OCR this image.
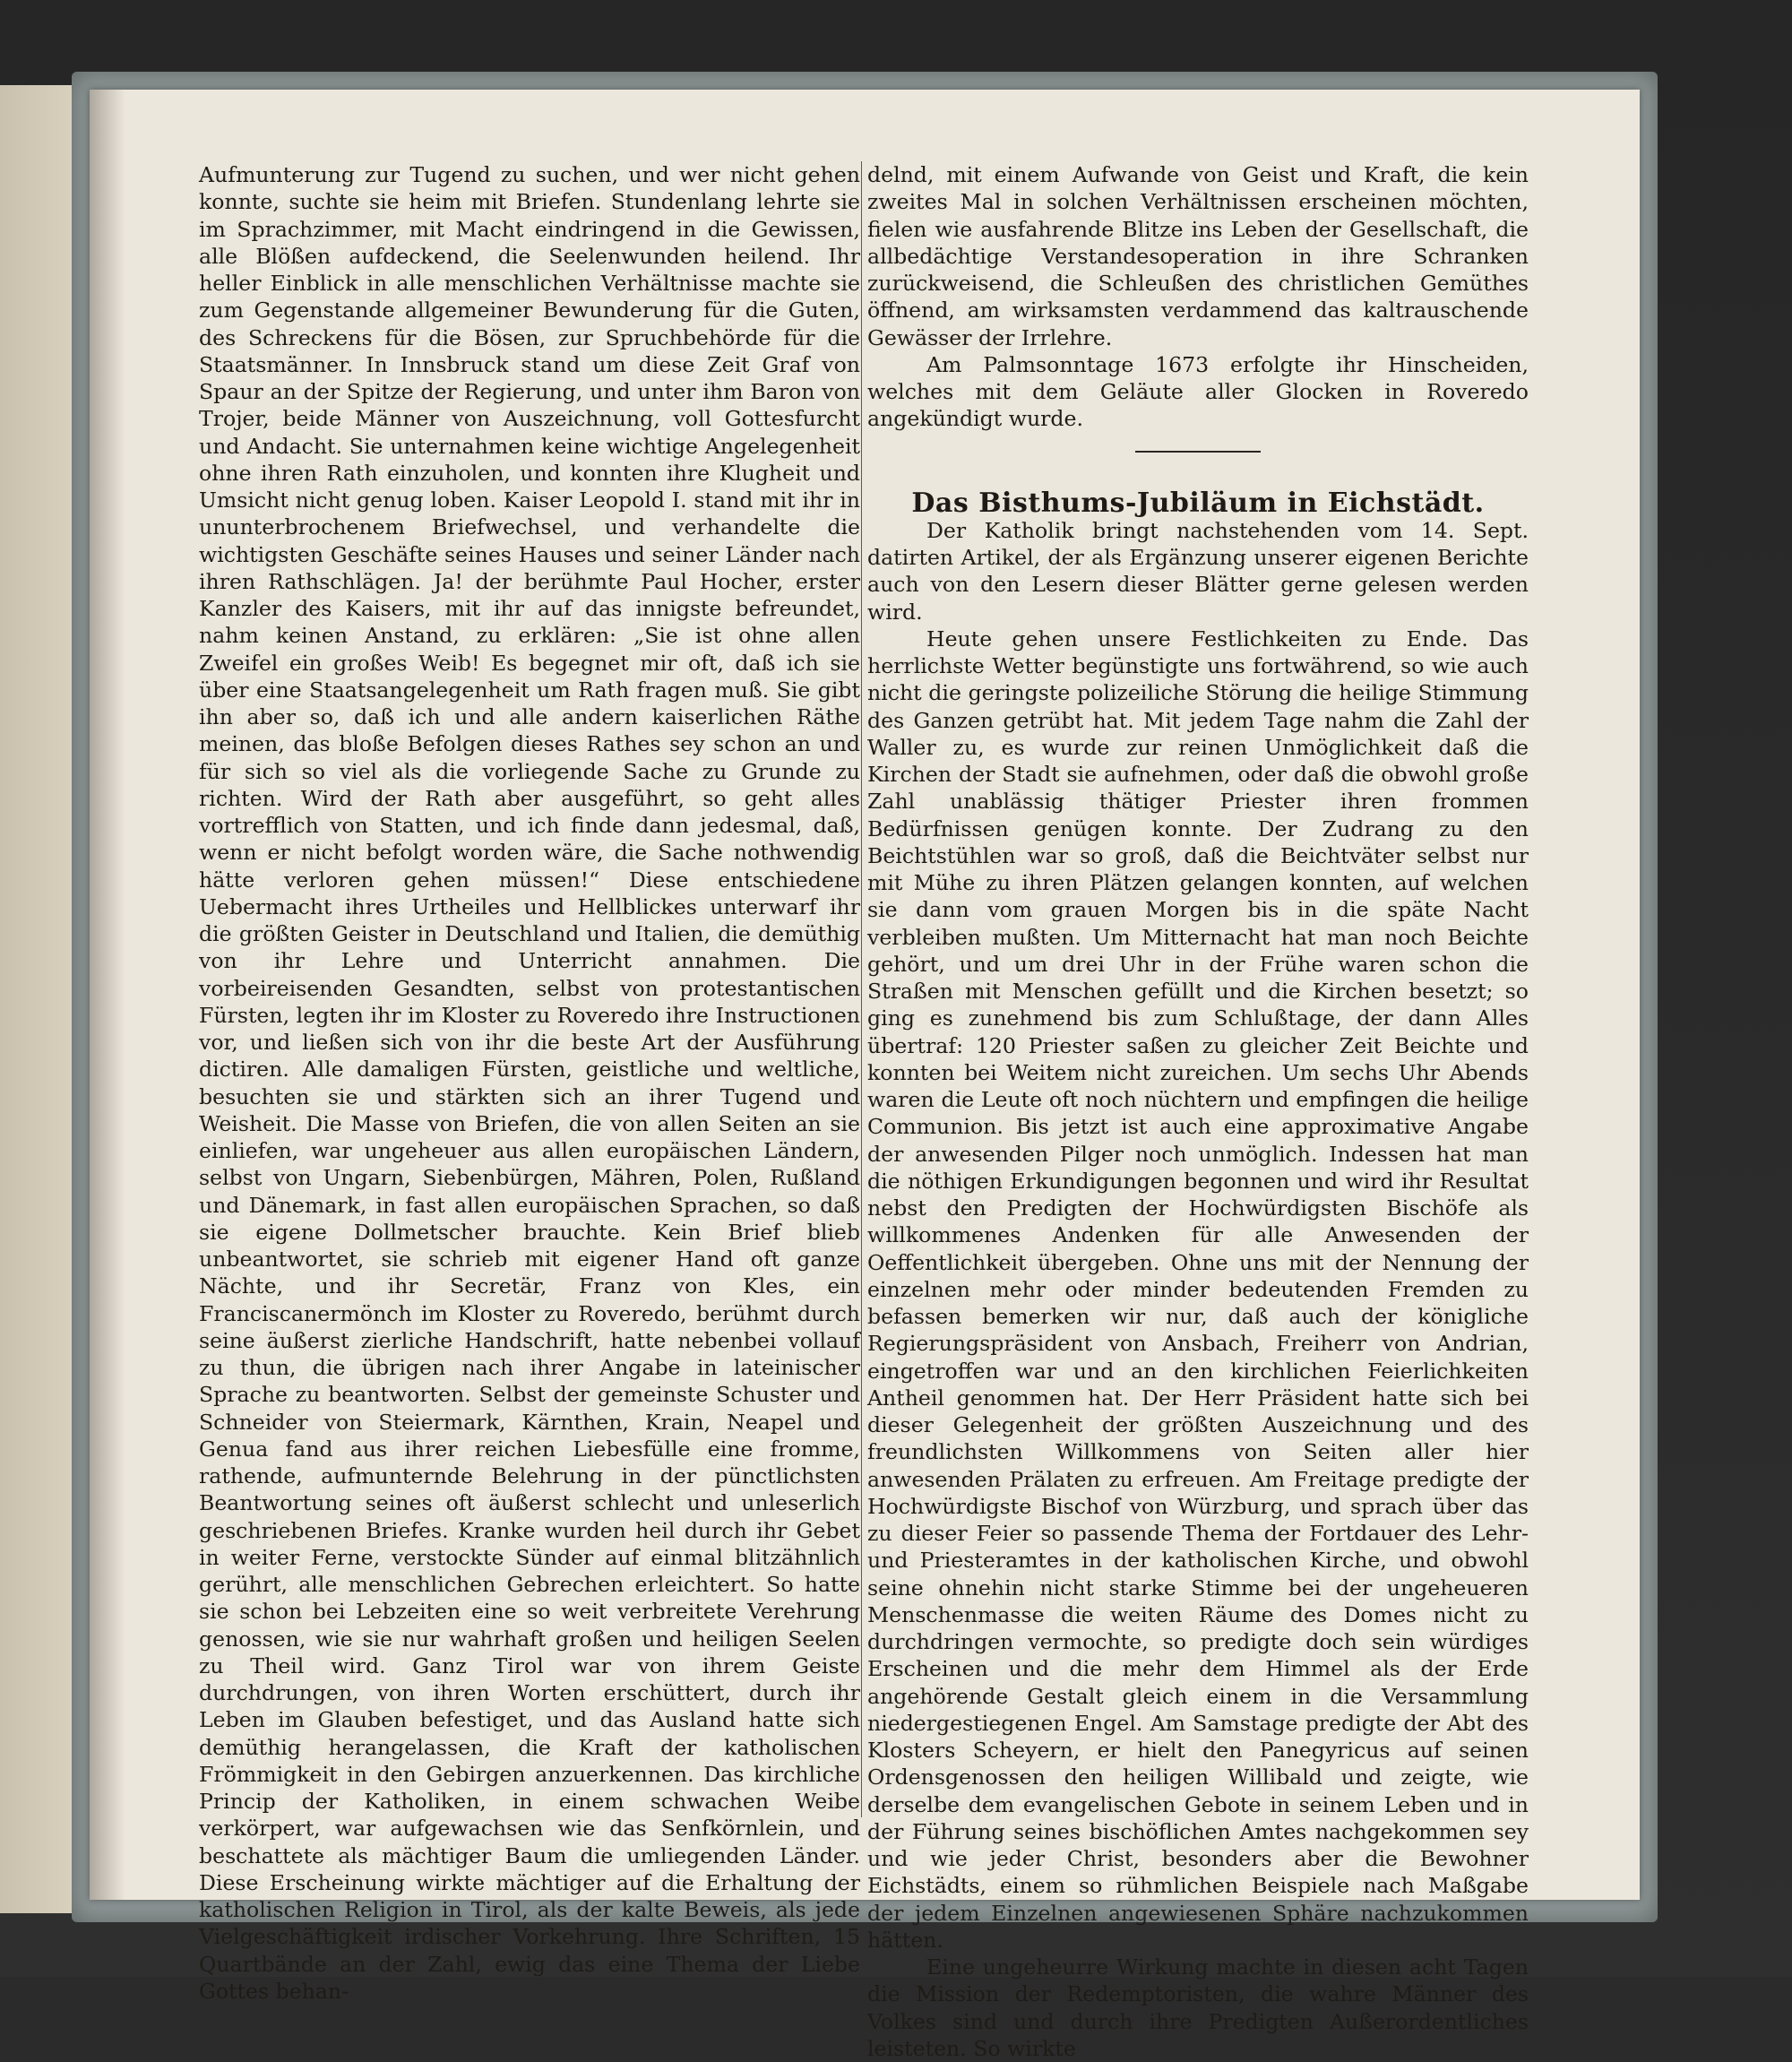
Aufmunterung zur Tugend zu suchen, und wer nicht gehen konnte, suchte sie heim mit Briefen. Stundenlang lehrte sie im Sprachzimmer, mit Macht eindringend in die Gewissen, alle Blößen aufdeckend, die Seelenwunden heilend. Ihr heller Einblick in alle menschlichen Verhältnisse machte sie zum Gegenstande allgemeiner Bewunderung für die Guten, des Schreckens für die Bösen, zur Spruchbehörde für die Staatsmänner. In Innsbruck stand um diese Zeit Graf von Spaur an der Spitze der Regierung, und unter ihm Baron von Trojer, beide Männer von Auszeichnung, voll Gottesfurcht und Andacht. Sie unternahmen keine wichtige Angelegenheit ohne ihren Rath einzuholen, und konnten ihre Klugheit und Umsicht nicht genug loben. Kaiser Leopold I. stand mit ihr in ununterbrochenem Briefwechsel, und verhandelte die wichtigsten Geschäfte seines Hauses und seiner Länder nach ihren Rathschlägen. Ja! der berühmte Paul Hocher, erster Kanzler des Kaisers, mit ihr auf das innigste befreundet, nahm keinen Anstand, zu erklären: „Sie ist ohne allen Zweifel ein großes Weib! Es begegnet mir oft, daß ich sie über eine Staatsangelegenheit um Rath fragen muß. Sie gibt ihn aber so, daß ich und alle andern kaiserlichen Räthe meinen, das bloße Befolgen dieses Rathes sey schon an und für sich so viel als die vorliegende Sache zu Grunde zu richten. Wird der Rath aber ausgeführt, so geht alles vortrefflich von Statten, und ich finde dann jedesmal, daß, wenn er nicht befolgt worden wäre, die Sache nothwendig hätte verloren gehen müssen!“ Diese entschiedene Uebermacht ihres Urtheiles und Hellblickes unterwarf ihr die größten Geister in Deutschland und Italien, die demüthig von ihr Lehre und Unterricht annahmen. Die vorbeireisenden Gesandten, selbst von protestantischen Fürsten, legten ihr im Kloster zu Roveredo ihre Instructionen vor, und ließen sich von ihr die beste Art der Ausführung dictiren. Alle damaligen Fürsten, geistliche und weltliche, besuchten sie und stärkten sich an ihrer Tugend und Weisheit. Die Masse von Briefen, die von allen Seiten an sie einliefen, war ungeheuer aus allen europäischen Ländern, selbst von Ungarn, Siebenbürgen, Mähren, Polen, Rußland und Dänemark, in fast allen europäischen Sprachen, so daß sie eigene Dollmetscher brauchte. Kein Brief blieb unbeantwortet, sie schrieb mit eigener Hand oft ganze Nächte, und ihr Secretär, Franz von Kles, ein Franciscanermönch im Kloster zu Roveredo, berühmt durch seine äußerst zierliche Handschrift, hatte nebenbei vollauf zu thun, die übrigen nach ihrer Angabe in lateinischer Sprache zu beantworten. Selbst der gemeinste Schuster und Schneider von Steiermark, Kärnthen, Krain, Neapel und Genua fand aus ihrer reichen Liebesfülle eine fromme, rathende, aufmunternde Belehrung in der pünctlichsten Beantwortung seines oft äußerst schlecht und unleserlich geschriebenen Briefes. Kranke wurden heil durch ihr Gebet in weiter Ferne, verstockte Sünder auf einmal blitzähnlich gerührt, alle menschlichen Gebrechen erleichtert. So hatte sie schon bei Lebzeiten eine so weit verbreitete Verehrung genossen, wie sie nur wahrhaft großen und heiligen Seelen zu Theil wird. Ganz Tirol war von ihrem Geiste durchdrungen, von ihren Worten erschüttert, durch ihr Leben im Glauben befestiget, und das Ausland hatte sich demüthig herangelassen, die Kraft der katholischen Frömmigkeit in den Gebirgen anzuerkennen. Das kirchliche Princip der Katholiken, in einem schwachen Weibe verkörpert, war aufgewachsen wie das Senfkörnlein, und beschattete als mächtiger Baum die umliegenden Länder. Diese Erscheinung wirkte mächtiger auf die Erhaltung der katholischen Religion in Tirol, als der kalte Beweis, als jede Vielgeschäftigkeit irdischer Vorkehrung. Ihre Schriften, 15 Quartbände an der Zahl, ewig das eine Thema der Liebe Gottes behan-

delnd, mit einem Aufwande von Geist und Kraft, die kein zweites Mal in solchen Verhältnissen erscheinen möchten, fielen wie ausfahrende Blitze ins Leben der Gesellschaft, die allbedächtige Verstandesoperation in ihre Schranken zurückweisend, die Schleußen des christlichen Gemüthes öffnend, am wirksamsten verdammend das kaltrauschende Gewässer der Irrlehre.

Am Palmsonntage 1673 erfolgte ihr Hinscheiden, welches mit dem Geläute aller Glocken in Roveredo angekündigt wurde.

Das Bisthums-Jubiläum in Eichstädt.

Der Katholik bringt nachstehenden vom 14. Sept. datirten Artikel, der als Ergänzung unserer eigenen Berichte auch von den Lesern dieser Blätter gerne gelesen werden wird.

Heute gehen unsere Festlichkeiten zu Ende. Das herrlichste Wetter begünstigte uns fortwährend, so wie auch nicht die geringste polizeiliche Störung die heilige Stimmung des Ganzen getrübt hat. Mit jedem Tage nahm die Zahl der Waller zu, es wurde zur reinen Unmöglichkeit daß die Kirchen der Stadt sie aufnehmen, oder daß die obwohl große Zahl unablässig thätiger Priester ihren frommen Bedürfnissen genügen konnte. Der Zudrang zu den Beichtstühlen war so groß, daß die Beichtväter selbst nur mit Mühe zu ihren Plätzen gelangen konnten, auf welchen sie dann vom grauen Morgen bis in die späte Nacht verbleiben mußten. Um Mitternacht hat man noch Beichte gehört, und um drei Uhr in der Frühe waren schon die Straßen mit Menschen gefüllt und die Kirchen besetzt; so ging es zunehmend bis zum Schlußtage, der dann Alles übertraf: 120 Priester saßen zu gleicher Zeit Beichte und konnten bei Weitem nicht zureichen. Um sechs Uhr Abends waren die Leute oft noch nüchtern und empfingen die heilige Communion. Bis jetzt ist auch eine approximative Angabe der anwesenden Pilger noch unmöglich. Indessen hat man die nöthigen Erkundigungen begonnen und wird ihr Resultat nebst den Predigten der Hochwürdigsten Bischöfe als willkommenes Andenken für alle Anwesenden der Oeffentlichkeit übergeben. Ohne uns mit der Nennung der einzelnen mehr oder minder bedeutenden Fremden zu befassen bemerken wir nur, daß auch der königliche Regierungspräsident von Ansbach, Freiherr von Andrian, eingetroffen war und an den kirchlichen Feierlichkeiten Antheil genommen hat. Der Herr Präsident hatte sich bei dieser Gelegenheit der größten Auszeichnung und des freundlichsten Willkommens von Seiten aller hier anwesenden Prälaten zu erfreuen. Am Freitage predigte der Hochwürdigste Bischof von Würzburg, und sprach über das zu dieser Feier so passende Thema der Fortdauer des Lehr- und Priesteramtes in der katholischen Kirche, und obwohl seine ohnehin nicht starke Stimme bei der ungeheueren Menschenmasse die weiten Räume des Domes nicht zu durchdringen vermochte, so predigte doch sein würdiges Erscheinen und die mehr dem Himmel als der Erde angehörende Gestalt gleich einem in die Versammlung niedergestiegenen Engel. Am Samstage predigte der Abt des Klosters Scheyern, er hielt den Panegyricus auf seinen Ordensgenossen den heiligen Willibald und zeigte, wie derselbe dem evangelischen Gebote in seinem Leben und in der Führung seines bischöflichen Amtes nachgekommen sey und wie jeder Christ, besonders aber die Bewohner Eichstädts, einem so rühmlichen Beispiele nach Maßgabe der jedem Einzelnen angewiesenen Sphäre nachzukommen hätten.

Eine ungeheurre Wirkung machte in diesen acht Tagen die Mission der Redemptoristen, die wahre Männer des Volkes sind und durch ihre Predigten Außerordentliches leisteten. So wirkte
